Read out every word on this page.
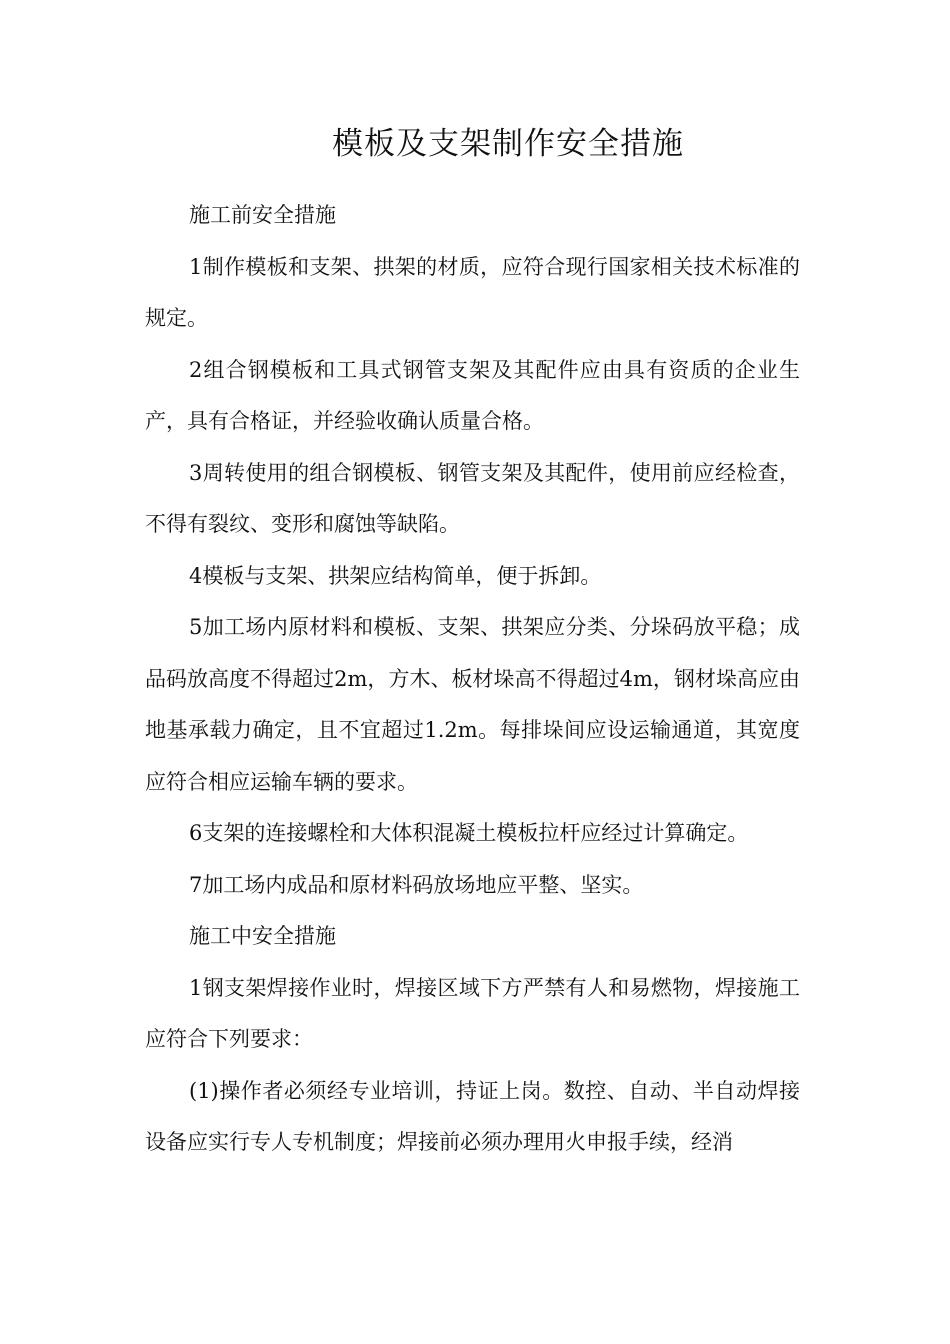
模板及支架制作安全措施

施工前安全措施

1制作模板和支架、拱架的材质，应符合现行国家相关技术标准的规定。

2组合钢模板和工具式钢管支架及其配件应由具有资质的企业生产，具有合格证，并经验收确认质量合格。

3周转使用的组合钢模板、钢管支架及其配件，使用前应经检查，不得有裂纹、变形和腐蚀等缺陷。

4模板与支架、拱架应结构简单，便于拆卸。

5加工场内原材料和模板、支架、拱架应分类、分垛码放平稳；成品码放高度不得超过2m，方木、板材垛高不得超过4m，钢材垛高应由地基承载力确定，且不宜超过1.2m。每排垛间应设运输通道，其宽度应符合相应运输车辆的要求。

6支架的连接螺栓和大体积混凝土模板拉杆应经过计算确定。

7加工场内成品和原材料码放场地应平整、坚实。

施工中安全措施

1钢支架焊接作业时，焊接区域下方严禁有人和易燃物，焊接施工应符合下列要求：

(1)操作者必须经专业培训，持证上岗。数控、自动、半自动焊接设备应实行专人专机制度；焊接前必须办理用火申报手续，经消
